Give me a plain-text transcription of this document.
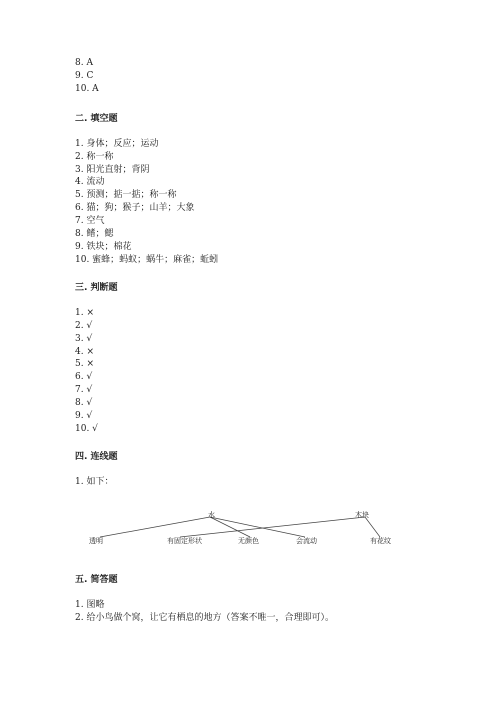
8. A
9. C
10. A
二. 填空题
1. 身体；反应；运动
2. 称一称
3. 阳光直射；背阴
4. 流动
5. 预测；掂一掂；称一称
6. 猫；狗；猴子；山羊；大象
7. 空气
8. 鳍；鳃
9. 铁块；棉花
10. 蜜蜂；蚂蚁；蜗牛；麻雀；蚯蚓
三. 判断题
1. ×
2. √
3. √
4. ×
5. ×
6. √
7. √
8. √
9. √
10. √
四. 连线题
1. 如下：
水	木块
透明	有固定形状	无颜色	会流动	有花纹
五. 简答题
1. 图略
2. 给小鸟做个窝，让它有栖息的地方（答案不唯一，合理即可）。
